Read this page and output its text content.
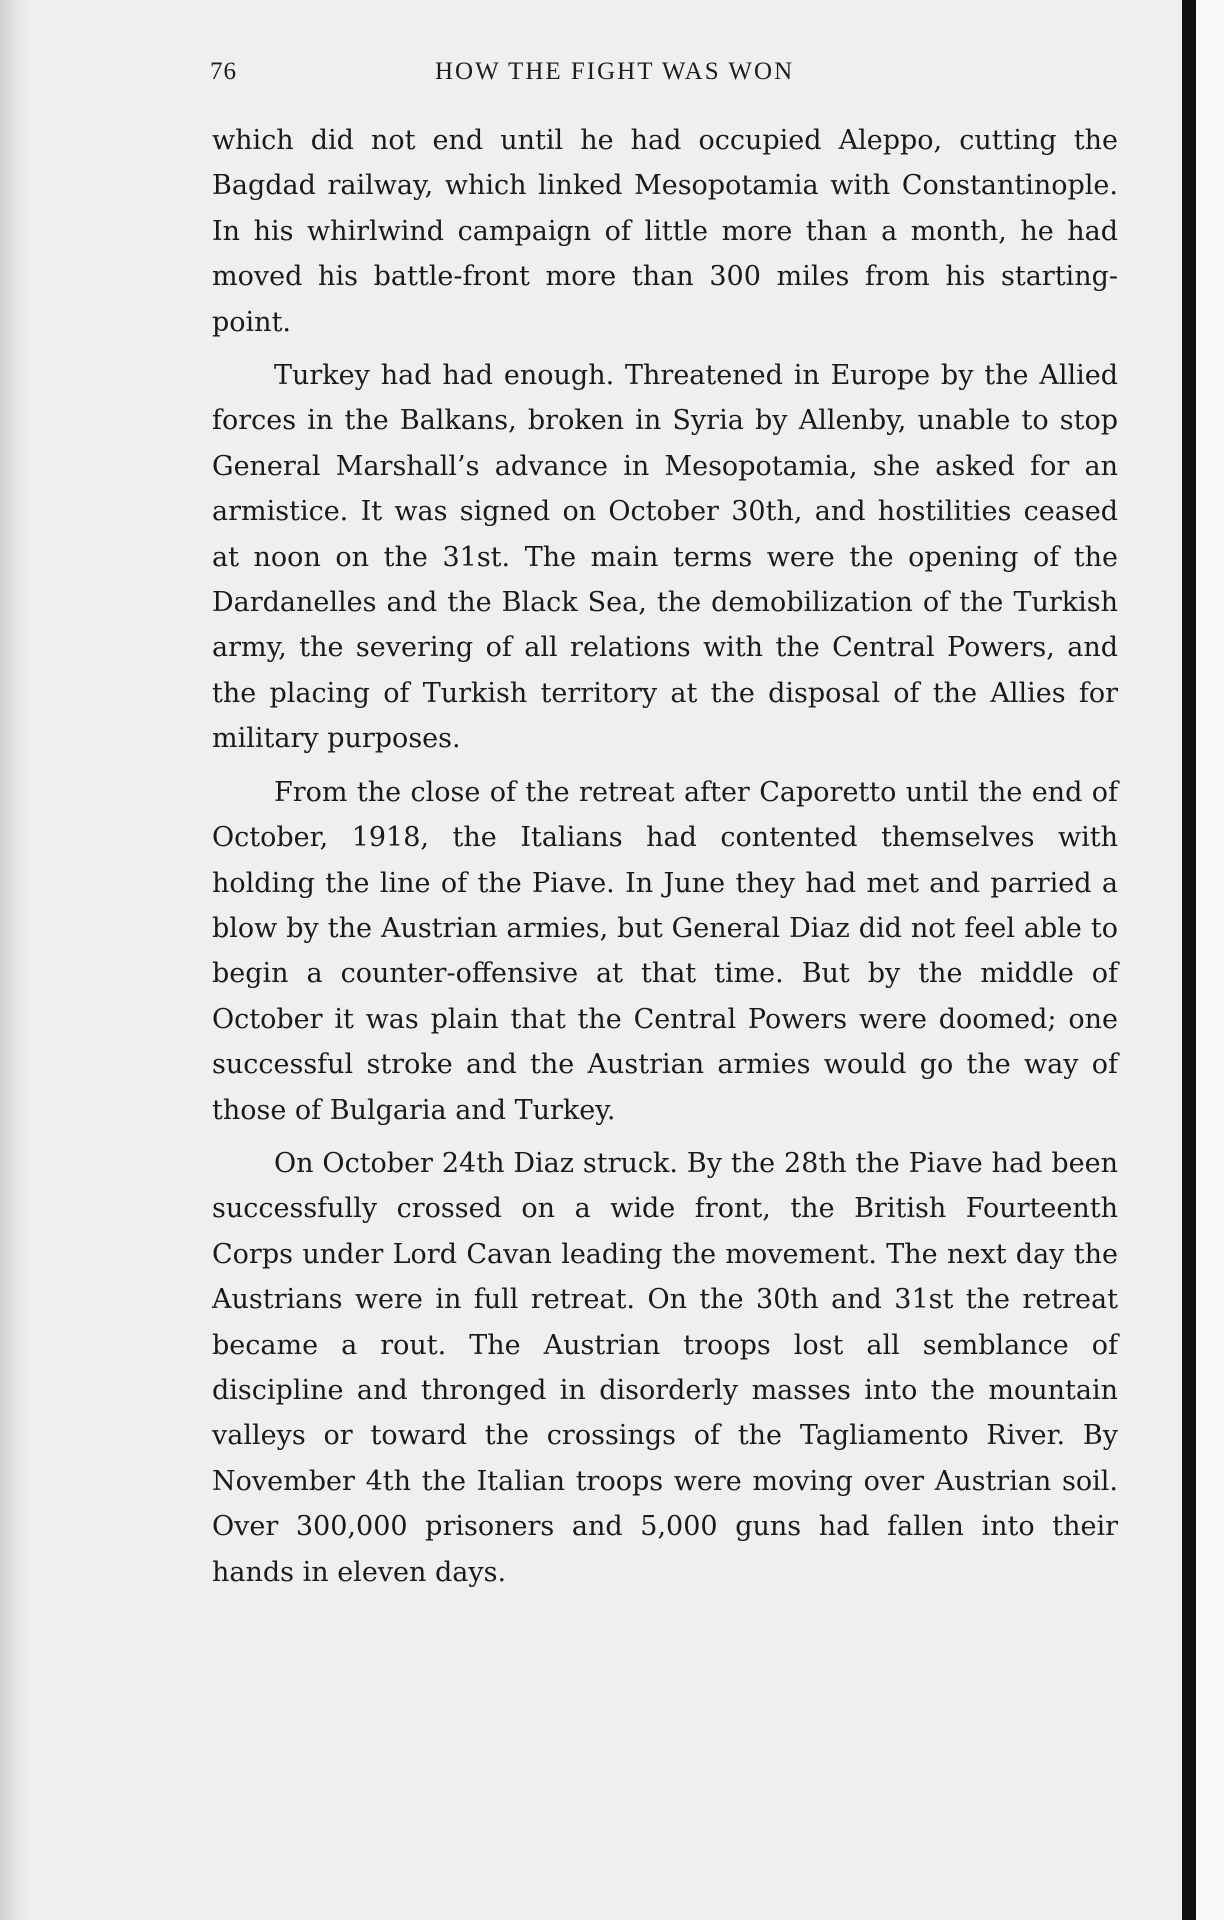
76	HOW THE FIGHT WAS WON

which did not end until he had occupied Aleppo, cutting the Bagdad railway, which linked Mesopotamia with Constantinople. In his whirlwind campaign of little more than a month, he had moved his battle-front more than 300 miles from his starting-point.

Turkey had had enough. Threatened in Europe by the Allied forces in the Balkans, broken in Syria by Allenby, unable to stop General Marshall’s advance in Mesopotamia, she asked for an armistice. It was signed on October 30th, and hostilities ceased at noon on the 31st. The main terms were the opening of the Dardanelles and the Black Sea, the demobilization of the Turkish army, the severing of all relations with the Central Powers, and the placing of Turkish territory at the disposal of the Allies for military purposes.

From the close of the retreat after Caporetto until the end of October, 1918, the Italians had contented themselves with holding the line of the Piave. In June they had met and parried a blow by the Austrian armies, but General Diaz did not feel able to begin a counter-offensive at that time. But by the middle of October it was plain that the Central Powers were doomed; one successful stroke and the Austrian armies would go the way of those of Bulgaria and Turkey.

On October 24th Diaz struck. By the 28th the Piave had been successfully crossed on a wide front, the British Fourteenth Corps under Lord Cavan leading the movement. The next day the Austrians were in full retreat. On the 30th and 31st the retreat became a rout. The Austrian troops lost all semblance of discipline and thronged in disorderly masses into the mountain valleys or toward the crossings of the Tagliamento River. By November 4th the Italian troops were moving over Austrian soil. Over 300,000 prisoners and 5,000 guns had fallen into their hands in eleven days.
